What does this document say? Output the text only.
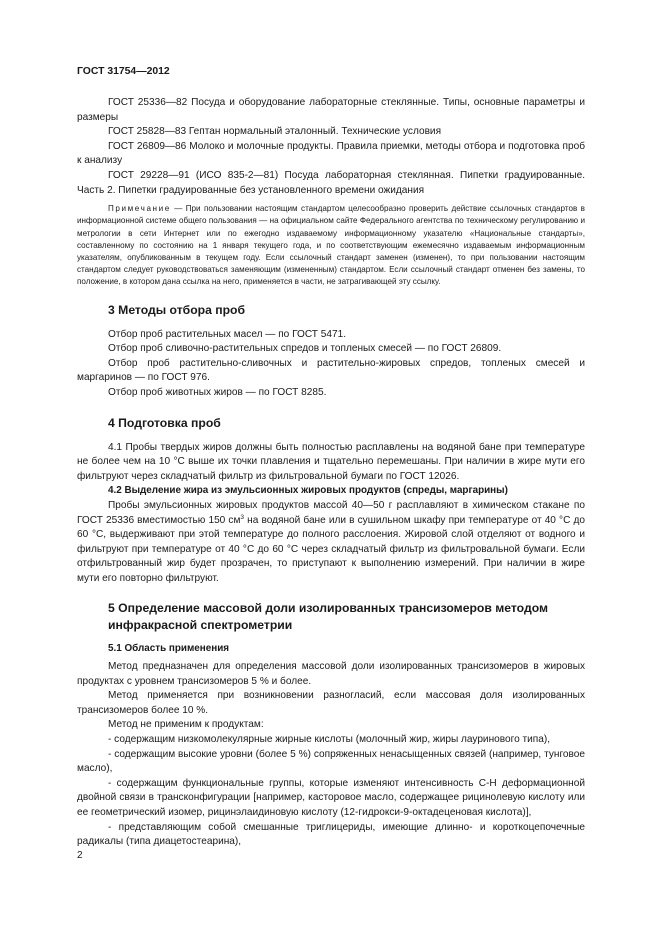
ГОСТ 31754—2012

ГОСТ 25336—82 Посуда и оборудование лабораторные стеклянные. Типы, основные параметры и размеры

ГОСТ 25828—83 Гептан нормальный эталонный. Технические условия

ГОСТ 26809—86 Молоко и молочные продукты. Правила приемки, методы отбора и подготовка проб к анализу

ГОСТ 29228—91 (ИСО 835-2—81) Посуда лабораторная стеклянная. Пипетки градуированные. Часть 2. Пипетки градуированные без установленного времени ожидания

Примечание — При пользовании настоящим стандартом целесообразно проверить действие ссылочных стандартов в информационной системе общего пользования — на официальном сайте Федерального агентства по техническому регулированию и метрологии в сети Интернет или по ежегодно издаваемому информационному указателю «Национальные стандарты», составленному по состоянию на 1 января текущего года, и по соответствующим ежемесячно издаваемым информационным указателям, опубликованным в текущем году. Если ссылочный стандарт заменен (изменен), то при пользовании настоящим стандартом следует руководствоваться заменяющим (измененным) стандартом. Если ссылочный стандарт отменен без замены, то положение, в котором дана ссылка на него, применяется в части, не затрагивающей эту ссылку.

3 Методы отбора проб

Отбор проб растительных масел — по ГОСТ 5471.

Отбор проб сливочно-растительных спредов и топленых смесей — по ГОСТ 26809.

Отбор проб растительно-сливочных и растительно-жировых спредов, топленых смесей и маргаринов — по ГОСТ 976.

Отбор проб животных жиров — по ГОСТ 8285.

4 Подготовка проб

4.1 Пробы твердых жиров должны быть полностью расплавлены на водяной бане при температуре не более чем на 10 °С выше их точки плавления и тщательно перемешаны. При наличии в жире мути его фильтруют через складчатый фильтр из фильтровальной бумаги по ГОСТ 12026.

4.2 Выделение жира из эмульсионных жировых продуктов (спреды, маргарины)

Пробы эмульсионных жировых продуктов массой 40—50 г расплавляют в химическом стакане по ГОСТ 25336 вместимостью 150 $см^3$ на водяной бане или в сушильном шкафу при температуре от 40 °С до 60 °С, выдерживают при этой температуре до полного расслоения. Жировой слой отделяют от водного и фильтруют при температуре от 40 °С до 60 °С через складчатый фильтр из фильтровальной бумаги. Если отфильтрованный жир будет прозрачен, то приступают к выполнению измерений. При наличии в жире мути его повторно фильтруют.

5 Определение массовой доли изолированных трансизомеров методом инфракрасной спектрометрии
5.1 Область применения

Метод предназначен для определения массовой доли изолированных трансизомеров в жировых продуктах с уровнем трансизомеров 5 % и более.

Метод применяется при возникновении разногласий, если массовая доля изолированных трансизомеров более 10 %.

Метод не применим к продуктам:

- содержащим низкомолекулярные жирные кислоты (молочный жир, жиры лауринового типа),

- содержащим высокие уровни (более 5 %) сопряженных ненасыщенных связей (например, тунговое масло),

- содержащим функциональные группы, которые изменяют интенсивность С-Н деформационной двойной связи в трансконфигурации [например, касторовое масло, содержащее рицинолевую кислоту или ее геометрический изомер, рицинэлаидиновую кислоту (12-гидрокси-9-октадеценовая кислота)],

- представляющим собой смешанные триглицериды, имеющие длинно- и короткоцепочечные радикалы (типа диацетостеарина),

2
